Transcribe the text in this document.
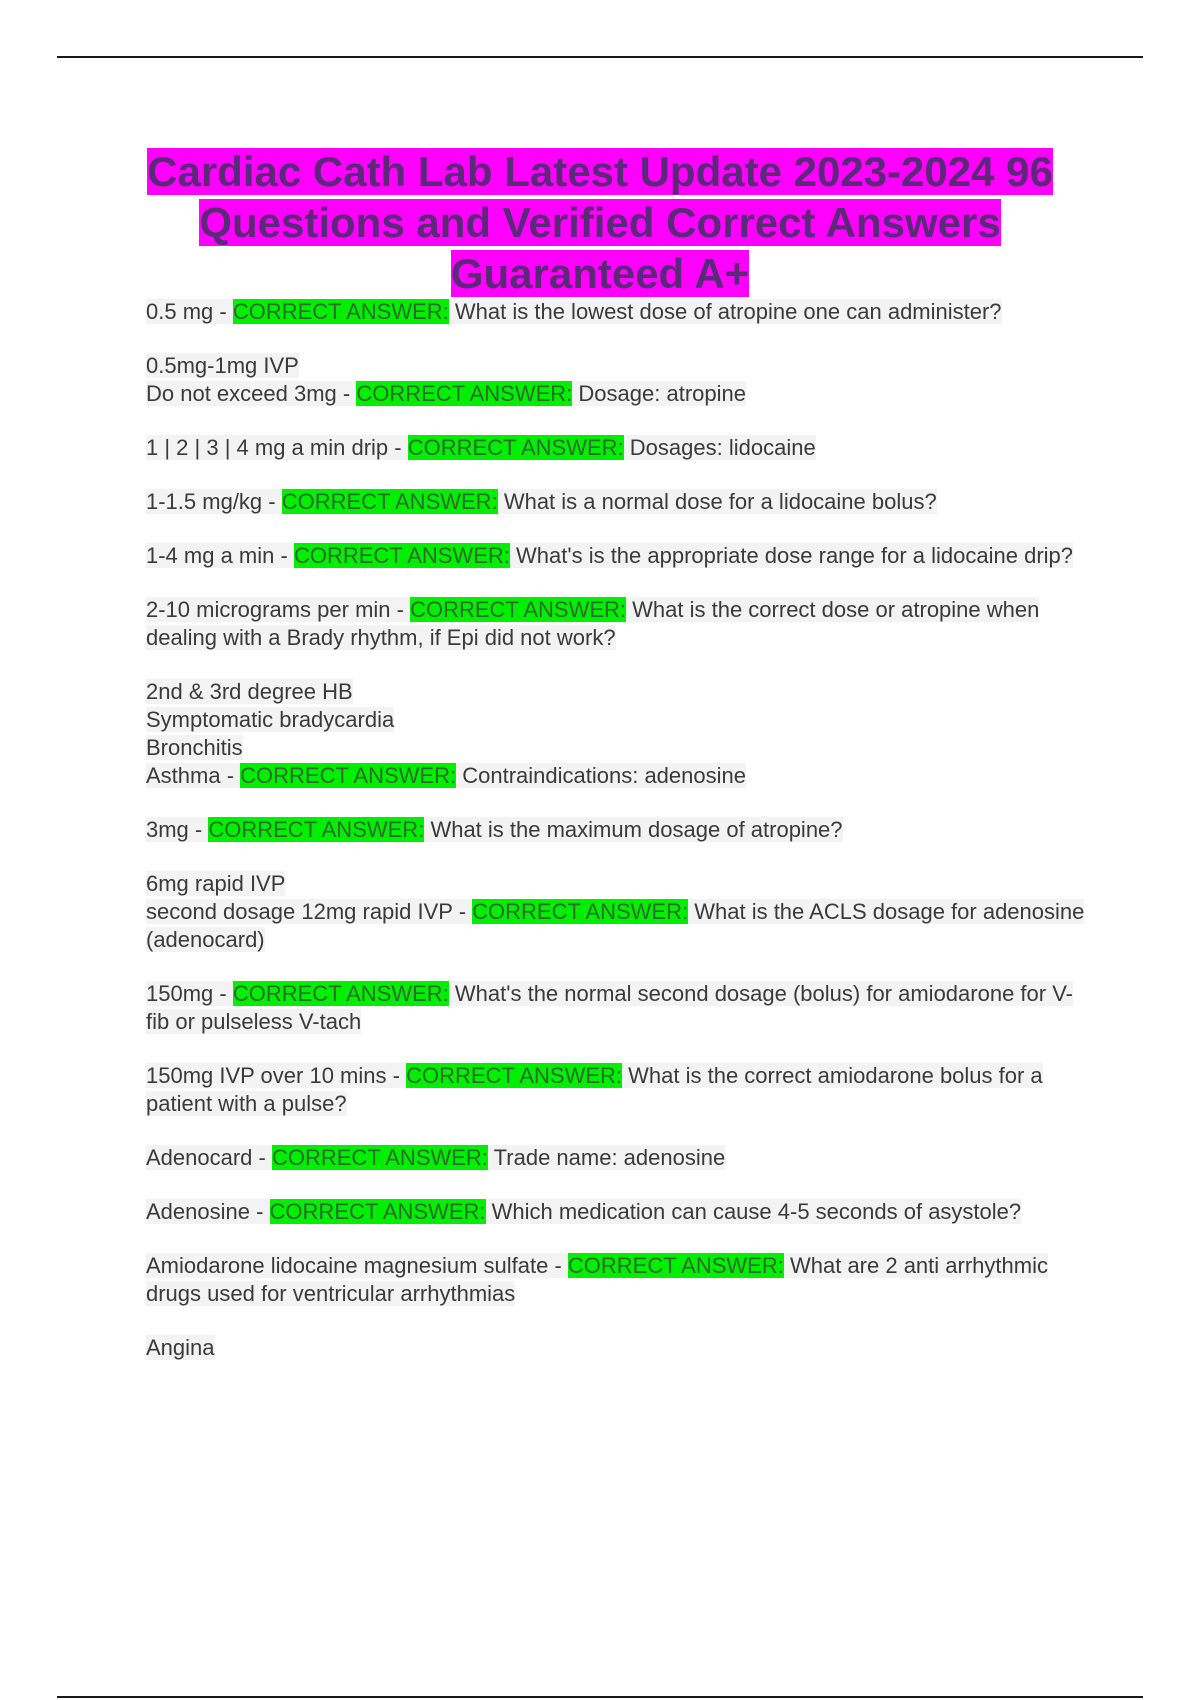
Cardiac Cath Lab Latest Update 2023-2024 96 Questions and Verified Correct Answers Guaranteed A+
0.5 mg - CORRECT ANSWER: What is the lowest dose of atropine one can administer?
0.5mg-1mg IVP
Do not exceed 3mg - CORRECT ANSWER: Dosage: atropine
1 | 2 | 3 | 4 mg a min drip - CORRECT ANSWER: Dosages: lidocaine
1-1.5 mg/kg - CORRECT ANSWER: What is a normal dose for a lidocaine bolus?
1-4 mg a min - CORRECT ANSWER: What's is the appropriate dose range for a lidocaine drip?
2-10 micrograms per min - CORRECT ANSWER: What is the correct dose or atropine when dealing with a Brady rhythm, if Epi did not work?
2nd & 3rd degree HB
Symptomatic bradycardia
Bronchitis
Asthma - CORRECT ANSWER: Contraindications: adenosine
3mg - CORRECT ANSWER: What is the maximum dosage of atropine?
6mg rapid IVP
second dosage 12mg rapid IVP - CORRECT ANSWER: What is the ACLS dosage for adenosine (adenocard)
150mg - CORRECT ANSWER: What's the normal second dosage (bolus) for amiodarone for V-fib or pulseless V-tach
150mg IVP over 10 mins - CORRECT ANSWER: What is the correct amiodarone bolus for a patient with a pulse?
Adenocard - CORRECT ANSWER: Trade name: adenosine
Adenosine - CORRECT ANSWER: Which medication can cause 4-5 seconds of asystole?
Amiodarone lidocaine magnesium sulfate - CORRECT ANSWER: What are 2 anti arrhythmic drugs used for ventricular arrhythmias
Angina
